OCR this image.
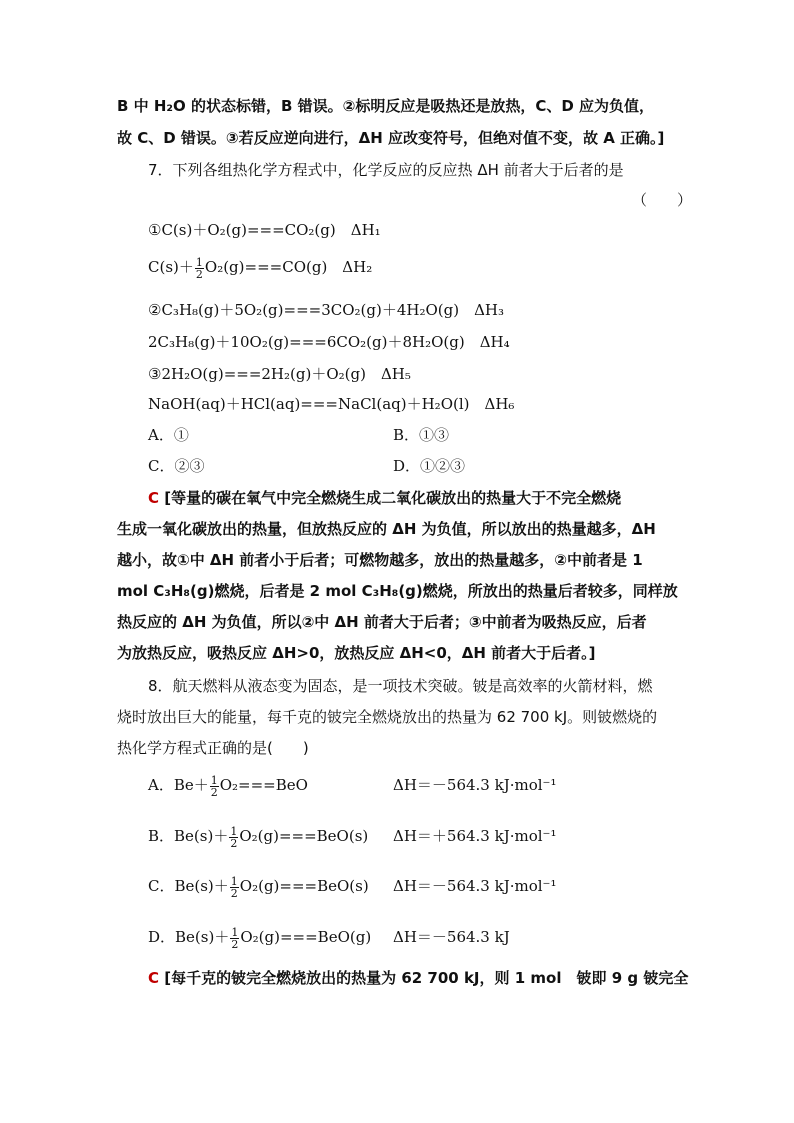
B 中 H₂O 的状态标错，B 错误。②标明反应是吸热还是放热，C、D 应为负值，
故 C、D 错误。③若反应逆向进行，ΔH 应改变符号，但绝对值不变，故 A 正确。]
7．下列各组热化学方程式中，化学反应的反应热 ΔH 前者大于后者的是
（　　）
①C(s)＋O₂(g)===CO₂(g)　ΔH₁
$C(s)+ \frac{1}{2} O_2(g)===CO(g)$　ΔH₂
②C₃H₈(g)＋5O₂(g)===3CO₂(g)＋4H₂O(g)　ΔH₃
2C₃H₈(g)＋10O₂(g)===6CO₂(g)＋8H₂O(g)　ΔH₄
③2H₂O(g)===2H₂(g)＋O₂(g)　ΔH₅
NaOH(aq)＋HCl(aq)===NaCl(aq)＋H₂O(l)　ΔH₆
A．①	B．①③
C．②③	D．①②③
C [等量的碳在氧气中完全燃烧生成二氧化碳放出的热量大于不完全燃烧
生成一氧化碳放出的热量，但放热反应的 ΔH 为负值，所以放出的热量越多，ΔH
越小，故①中 ΔH 前者小于后者；可燃物越多，放出的热量越多，②中前者是 1
mol C₃H₈(g)燃烧，后者是 2 mol C₃H₈(g)燃烧，所放出的热量后者较多，同样放
热反应的 ΔH 为负值，所以②中 ΔH 前者大于后者；③中前者为吸热反应，后者
为放热反应，吸热反应 ΔH>0，放热反应 ΔH<0，ΔH 前者大于后者。]
8．航天燃料从液态变为固态，是一项技术突破。铍是高效率的火箭材料，燃
烧时放出巨大的能量，每千克的铍完全燃烧放出的热量为 62 700 kJ。则铍燃烧的
热化学方程式正确的是(　　)
A．$Be+ \frac{1}{2} O_2===BeO$	ΔH＝－564.3 kJ·mol⁻¹
B．$Be(s)+ \frac{1}{2} O_2(g)===BeO(s)$ ΔH＝＋564.3 kJ·mol⁻¹
C．$Be(s)+ \frac{1}{2} O_2(g)===BeO(s)$ ΔH＝－564.3 kJ·mol⁻¹
D．$Be(s)+ \frac{1}{2} O_2(g)===BeO(g)$ ΔH＝－564.3 kJ
C [每千克的铍完全燃烧放出的热量为 62 700 kJ，则 1 mol　铍即 9 g 铍完全
